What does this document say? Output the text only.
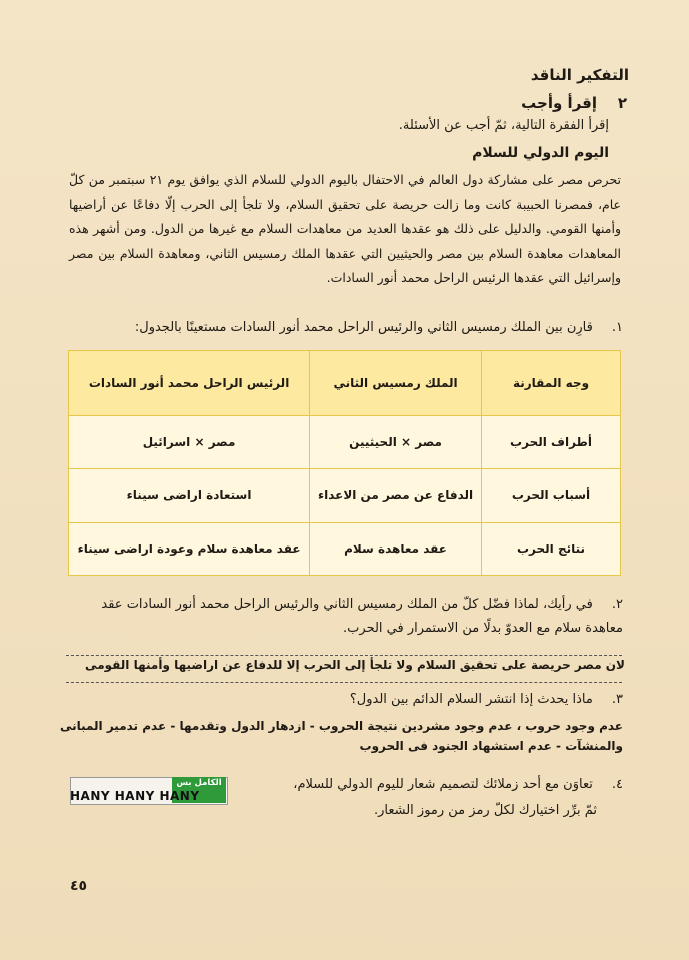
التفكير الناقد
٢
إقرأ وأجب
إقرأ الفقرة التالية، ثمّ أجب عن الأسئلة.
اليوم الدولي للسلام
تحرص مصر على مشاركة دول العالم في الاحتفال باليوم الدولي للسلام الذي يوافق يوم ٢١ سبتمبر من كلّ عام، فمصرنا الحبيبة كانت وما زالت حريصة على تحقيق السلام، ولا تلجأ إلى الحرب إلّا دفاعًا عن أراضيها وأمنها القومي. والدليل على ذلك هو عقدها العديد من معاهدات السلام مع غيرها من الدول. ومن أشهر هذه المعاهدات معاهدة السلام بين مصر والحيثيين التي عقدها الملك رمسيس الثاني، ومعاهدة السلام بين مصر وإسرائيل التي عقدها الرئيس الراحل محمد أنور السادات.
١. قارِن بين الملك رمسيس الثاني والرئيس الراحل محمد أنور السادات مستعينًا بالجدول:
وجه المقارنة	الملك رمسيس الثاني	الرئيس الراحل محمد أنور السادات
أطراف الحرب	مصر × الحيثيين	مصر × اسرائيل
أسباب الحرب	الدفاع عن مصر من الاعداء	استعادة اراضى سيناء
نتائج الحرب	عقد معاهدة سلام	عقد معاهدة سلام وعودة اراضى سيناء
٢. في رأيك، لماذا فضّل كلّ من الملك رمسيس الثاني والرئيس الراحل محمد أنور السادات عقد معاهدة سلام مع العدوّ بدلًا من الاستمرار في الحرب.
لان مصر حريصة على تحقيق السلام ولا تلجأ إلى الحرب إلا للدفاع عن اراضيها وأمنها القومى
٣. ماذا يحدث إذا انتشر السلام الدائم بين الدول؟
عدم وجود حروب ، عدم وجود مشردين نتيجة الحروب - ازدهار الدول وتقدمها - عدم تدمير المبانى والمنشآت - عدم استشهاد الجنود فى الحروب
٤. تعاوَن مع أحد زملائك لتصميم شعار لليوم الدولي للسلام،
ثمّ برِّر اختيارك لكلّ رمز من رموز الشعار.
الكامل بس
HANY HANY HANY
٤٥
